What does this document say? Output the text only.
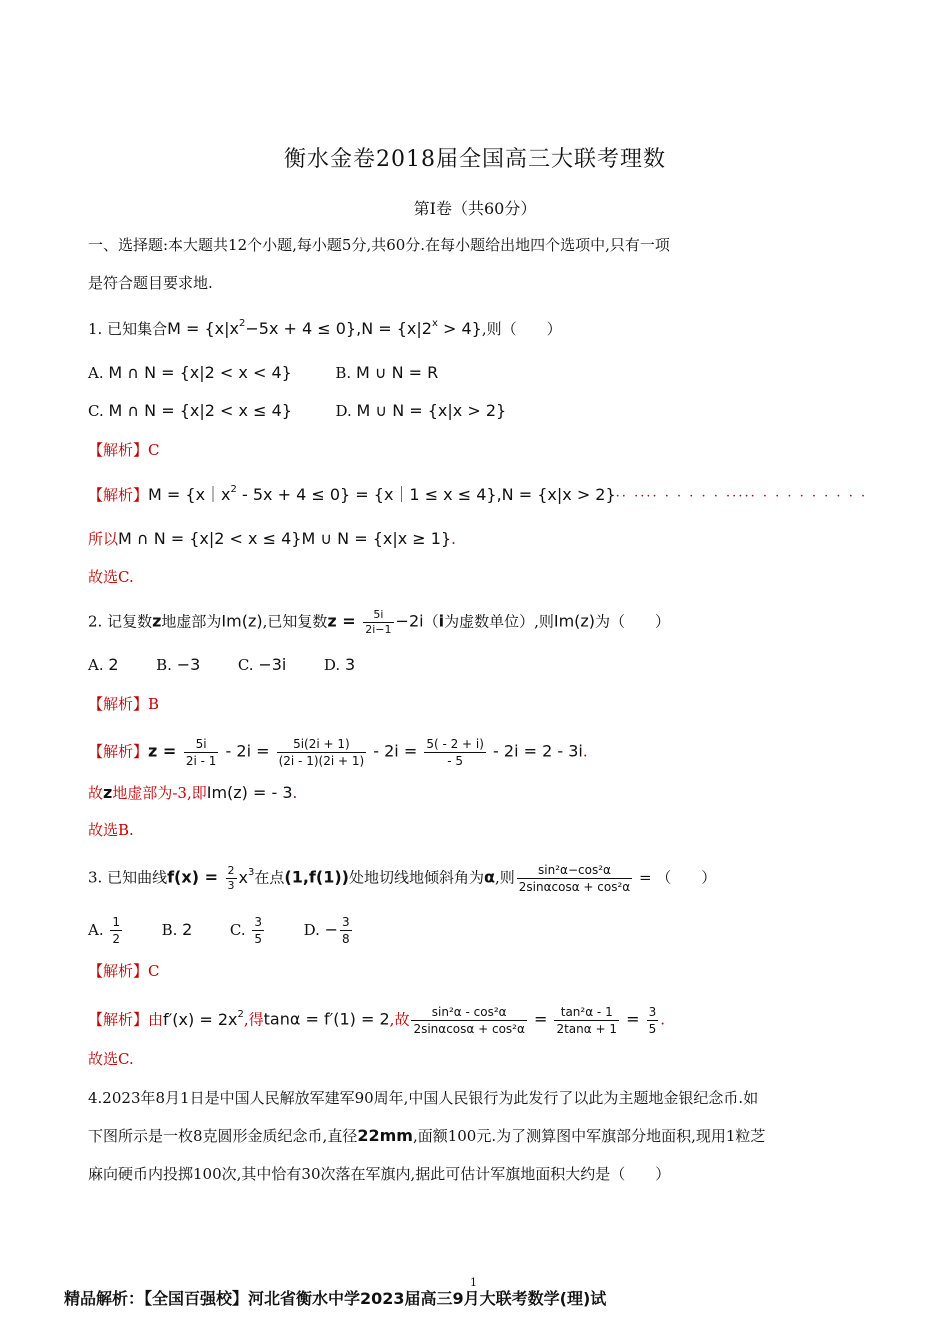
衡水金卷2018届全国高三大联考理数
第Ⅰ卷（共60分）
一、选择题:本大题共12个小题,每小题5分,共60分.在每小题给出地四个选项中,只有一项
是符合题目要求地.
1. 已知集合$M = \{x|x^2-5x + 4 \le 0\},N = \{x|2^x > 4\}$,则（　　）
A. M ∩ N = {x|2 < x < 4}	B. M ∪ N = R
C. M ∩ N = {x|2 < x ≤ 4}	D. M ∪ N = {x|x > 2}
【解析】C
【解析】$M = \{x|x^2 - 5x + 4 \le 0\}$ = {x｜1 ≤ x ≤ 4},N = {x|x > 2}·· ···· · · · · · ····· · · · · · · · · ·
所以M ∩ N = {x|2 < x ≤ 4}M ∪ N = {x|x ≥ 1}.
故选C.
2. 记复数z地虚部为Im(z),已知复数$z = \frac{5i}{2i-1} -2i(i$为虚数单位）,则Im(z)为（　　）
A. 2	B. −3	C. −3i	D. 3
【解析】B
【解析】$z = \frac{5i}{2i - 1} - 2i = \frac{5i(2i + 1)}{(2i - 1)(2i + 1)} - 2i = \frac{5( - 2 + i)}{- 5} - 2i = 2 - 3i$.
故z地虚部为-3,即Im(z) = - 3.
故选B.
3. 已知曲线$f(x) = \frac{2}{3} x^3$在点(1,f(1))处地切线地倾斜角为α,则 $\frac{\text{sin²α−cos²α}}{\text{2sinαcosα + cos²α}}$ = （　　）
A. $\frac{1}{2}$	B. 2	C. $\frac{3}{5}$	D. − $\frac{3}{8}$
【解析】C
【解析】由$f'(x) = 2x^2$,得tanα = f′(1) = 2,故 $\frac{\text{sin²α - cos²α}}{\text{2sinαcosα + cos²α}} = \frac{\text{tan²α - 1}}{2\tan\alpha + 1} = \frac{3}{5}$ .
故选C.
4.2023年8月1日是中国人民解放军建军90周年,中国人民银行为此发行了以此为主题地金银纪念币.如
下图所示是一枚8克圆形金质纪念币,直径22mm,面额100元.为了测算图中军旗部分地面积,现用1粒芝
麻向硬币内投掷100次,其中恰有30次落在军旗内,据此可估计军旗地面积大约是（　　）
1
精品解析：【全国百强校】河北省衡水中学2023届高三9月大联考数学(理)试
